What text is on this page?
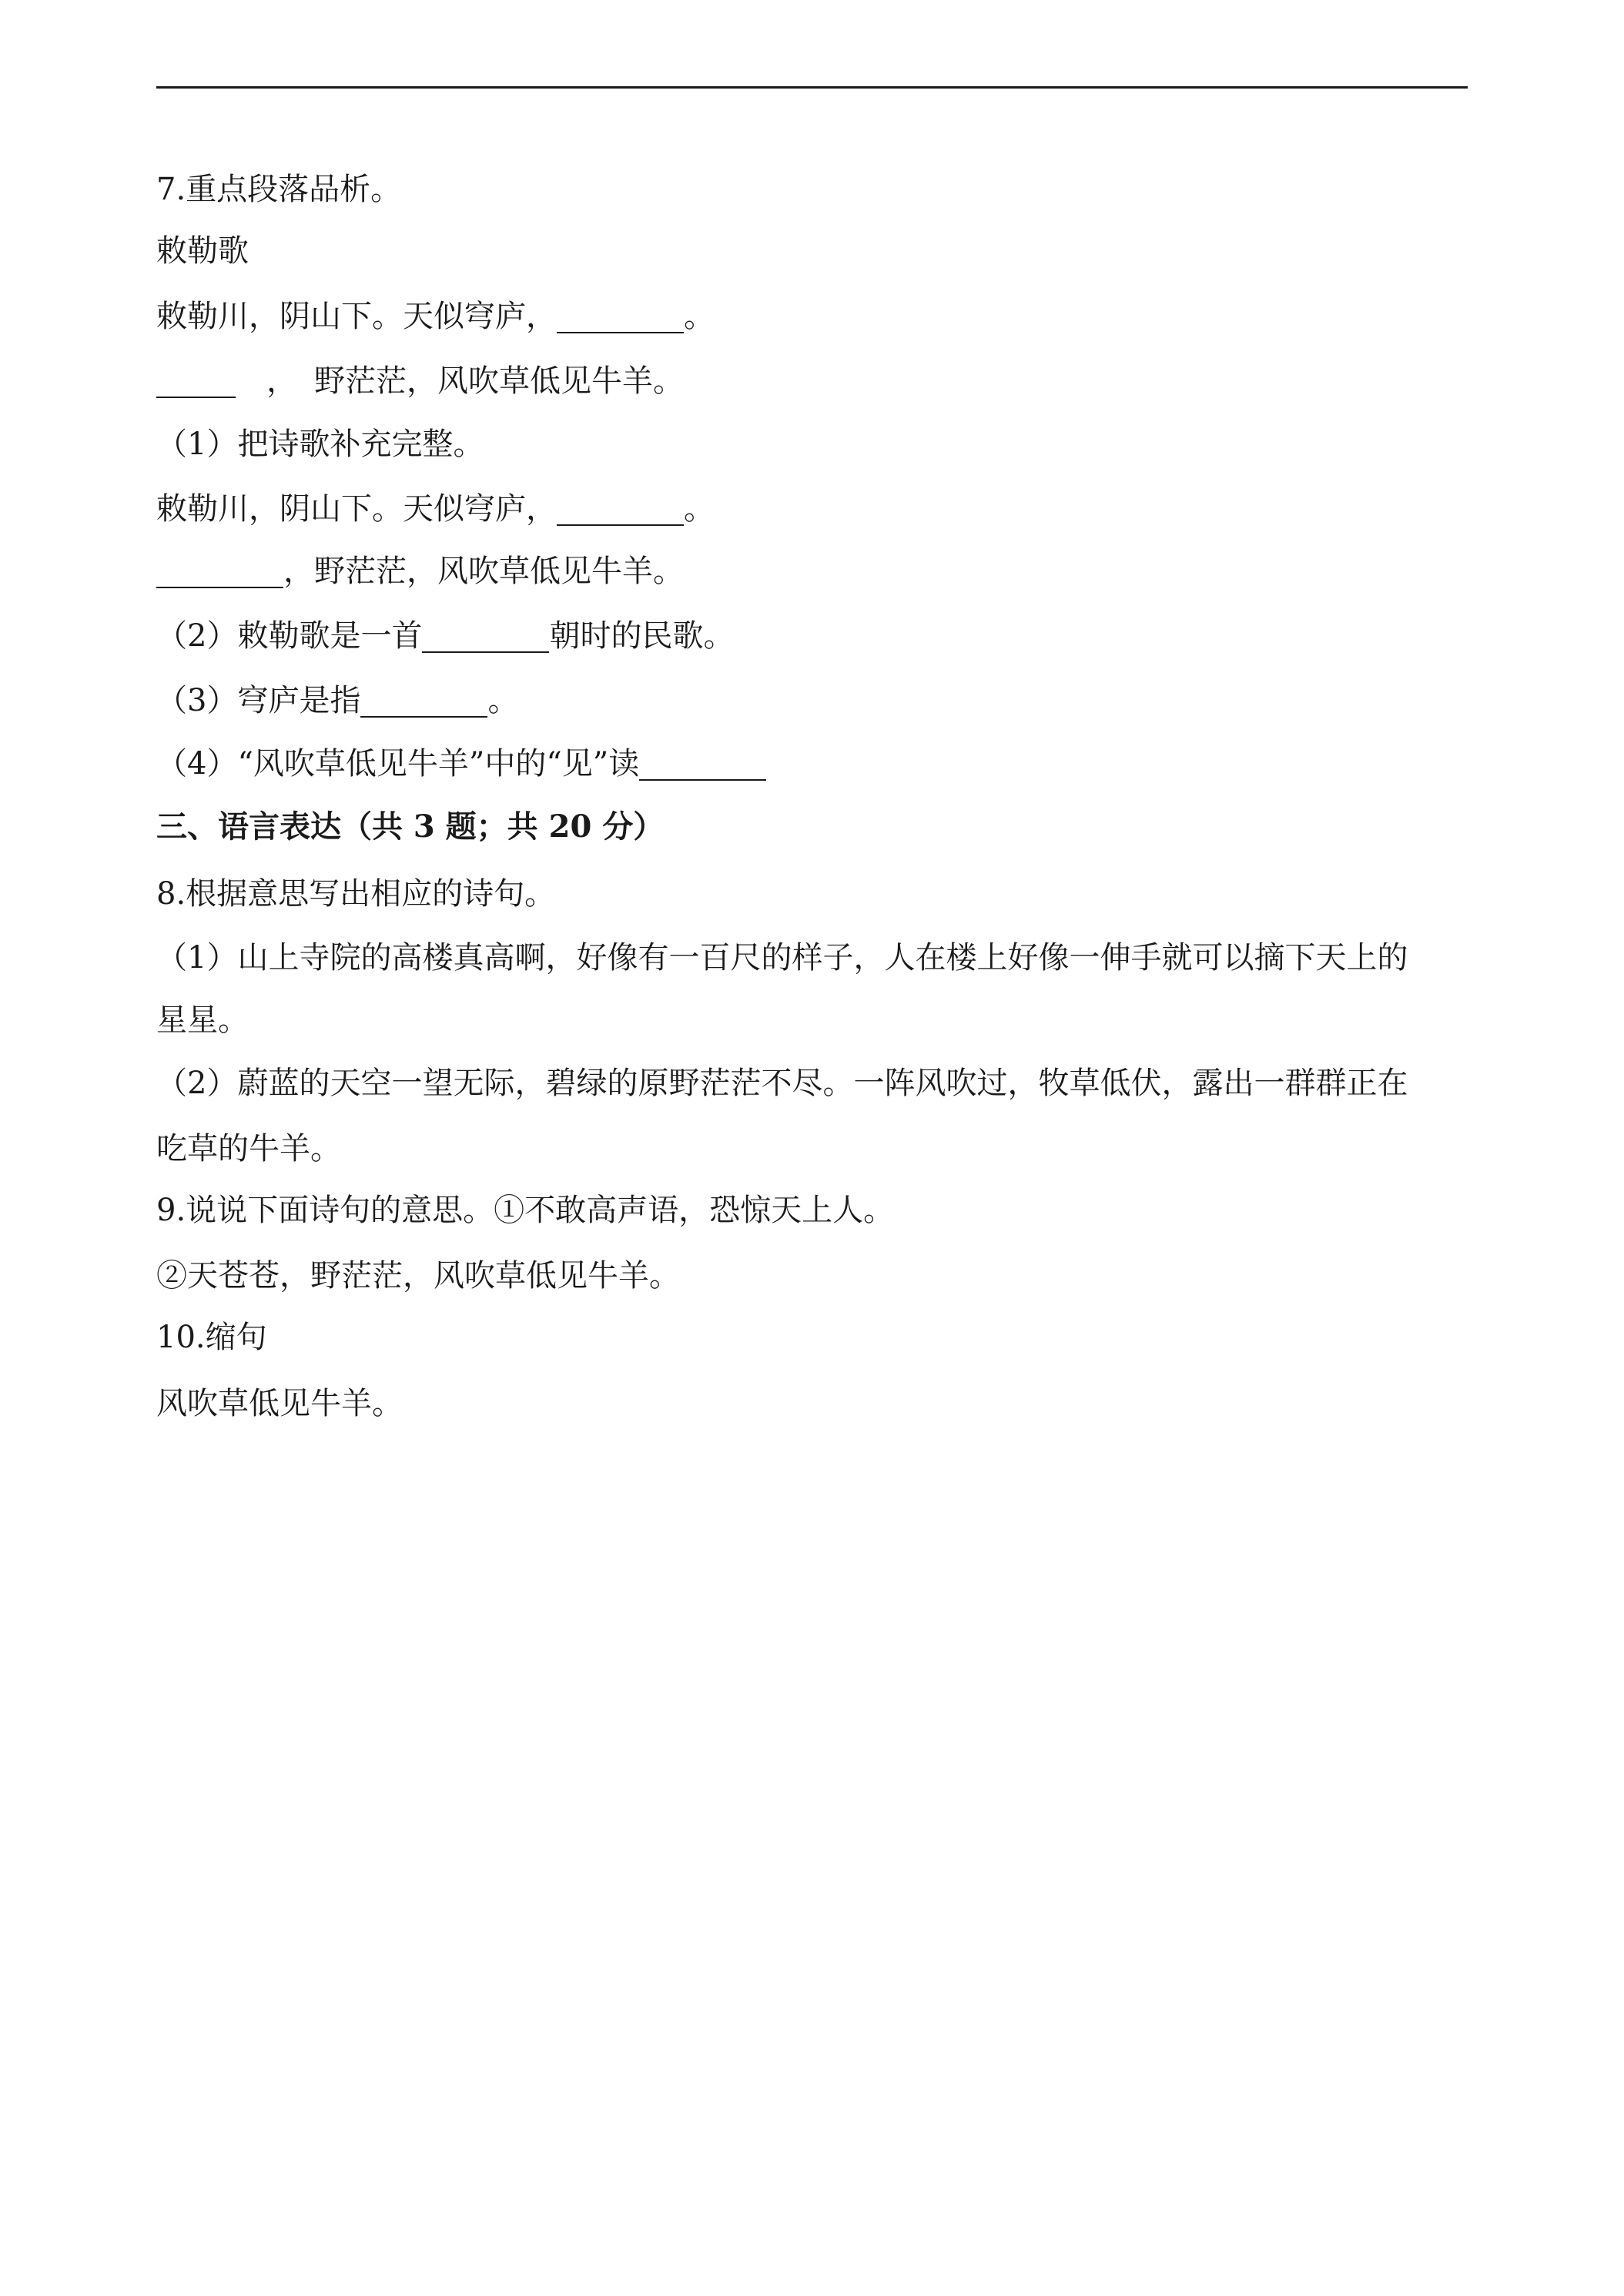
7.重点段落品析。
敕勒歌
敕勒川，阴山下。天似穹庐，	。
， 野茫茫，风吹草低见牛羊。
（1）把诗歌补充完整。
敕勒川，阴山下。天似穹庐，	。
，野茫茫，风吹草低见牛羊。
（2）敕勒歌是一首	朝时的民歌。
（3）穹庐是指	。
（4）“风吹草低见牛羊”中的“见”读
三、语言表达（共 3 题；共 20 分）
8.根据意思写出相应的诗句。
（1）山上寺院的高楼真高啊，好像有一百尺的样子，人在楼上好像一伸手就可以摘下天上的
星星。
（2）蔚蓝的天空一望无际，碧绿的原野茫茫不尽。一阵风吹过，牧草低伏，露出一群群正在
吃草的牛羊。
9.说说下面诗句的意思。①不敢高声语，恐惊天上人。
②天苍苍，野茫茫，风吹草低见牛羊。
10.缩句
风吹草低见牛羊。
